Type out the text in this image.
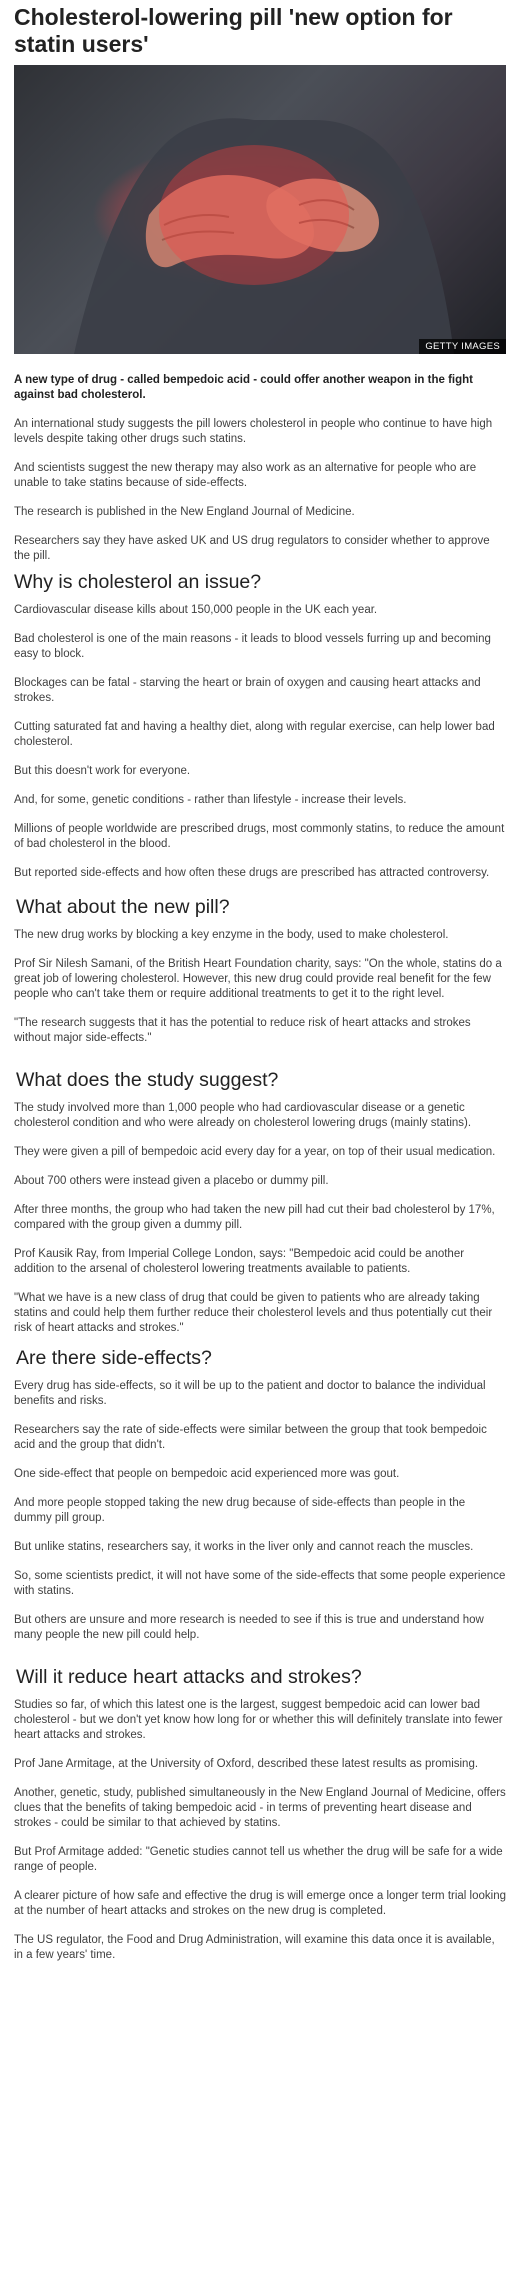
Cholesterol-lowering pill 'new option for statin users'
GETTY IMAGES

A new type of drug - called bempedoic acid - could offer another weapon in the fight against bad cholesterol.

An international study suggests the pill lowers cholesterol in people who continue to have high levels despite taking other drugs such statins.

And scientists suggest the new therapy may also work as an alternative for people who are unable to take statins because of side-effects.

The research is published in the New England Journal of Medicine.

Researchers say they have asked UK and US drug regulators to consider whether to approve the pill.

Why is cholesterol an issue?

Cardiovascular disease kills about 150,000 people in the UK each year.

Bad cholesterol is one of the main reasons - it leads to blood vessels furring up and becoming easy to block.

Blockages can be fatal - starving the heart or brain of oxygen and causing heart attacks and strokes.

Cutting saturated fat and having a healthy diet, along with regular exercise, can help lower bad cholesterol.

But this doesn't work for everyone.

And, for some, genetic conditions - rather than lifestyle - increase their levels.

Millions of people worldwide are prescribed drugs, most commonly statins, to reduce the amount of bad cholesterol in the blood.

But reported side-effects and how often these drugs are prescribed has attracted controversy.

What about the new pill?

The new drug works by blocking a key enzyme in the body, used to make cholesterol.

Prof Sir Nilesh Samani, of the British Heart Foundation charity, says: "On the whole, statins do a great job of lowering cholesterol. However, this new drug could provide real benefit for the few people who can't take them or require additional treatments to get it to the right level.

"The research suggests that it has the potential to reduce risk of heart attacks and strokes without major side-effects."

What does the study suggest?

The study involved more than 1,000 people who had cardiovascular disease or a genetic cholesterol condition and who were already on cholesterol lowering drugs (mainly statins).

They were given a pill of bempedoic acid every day for a year, on top of their usual medication.

About 700 others were instead given a placebo or dummy pill.

After three months, the group who had taken the new pill had cut their bad cholesterol by 17%, compared with the group given a dummy pill.

Prof Kausik Ray, from Imperial College London, says: "Bempedoic acid could be another addition to the arsenal of cholesterol lowering treatments available to patients.

"What we have is a new class of drug that could be given to patients who are already taking statins and could help them further reduce their cholesterol levels and thus potentially cut their risk of heart attacks and strokes."

Are there side-effects?

Every drug has side-effects, so it will be up to the patient and doctor to balance the individual benefits and risks.

Researchers say the rate of side-effects were similar between the group that took bempedoic acid and the group that didn't.

One side-effect that people on bempedoic acid experienced more was gout.

And more people stopped taking the new drug because of side-effects than people in the dummy pill group.

But unlike statins, researchers say, it works in the liver only and cannot reach the muscles.

So, some scientists predict, it will not have some of the side-effects that some people experience with statins.

But others are unsure and more research is needed to see if this is true and understand how many people the new pill could help.

Will it reduce heart attacks and strokes?

Studies so far, of which this latest one is the largest, suggest bempedoic acid can lower bad cholesterol - but we don't yet know how long for or whether this will definitely translate into fewer heart attacks and strokes.

Prof Jane Armitage, at the University of Oxford, described these latest results as promising.

Another, genetic, study, published simultaneously in the New England Journal of Medicine, offers clues that the benefits of taking bempedoic acid - in terms of preventing heart disease and strokes - could be similar to that achieved by statins.

But Prof Armitage added: "Genetic studies cannot tell us whether the drug will be safe for a wide range of people.

A clearer picture of how safe and effective the drug is will emerge once a longer term trial looking at the number of heart attacks and strokes on the new drug is completed.

The US regulator, the Food and Drug Administration, will examine this data once it is available, in a few years' time.
